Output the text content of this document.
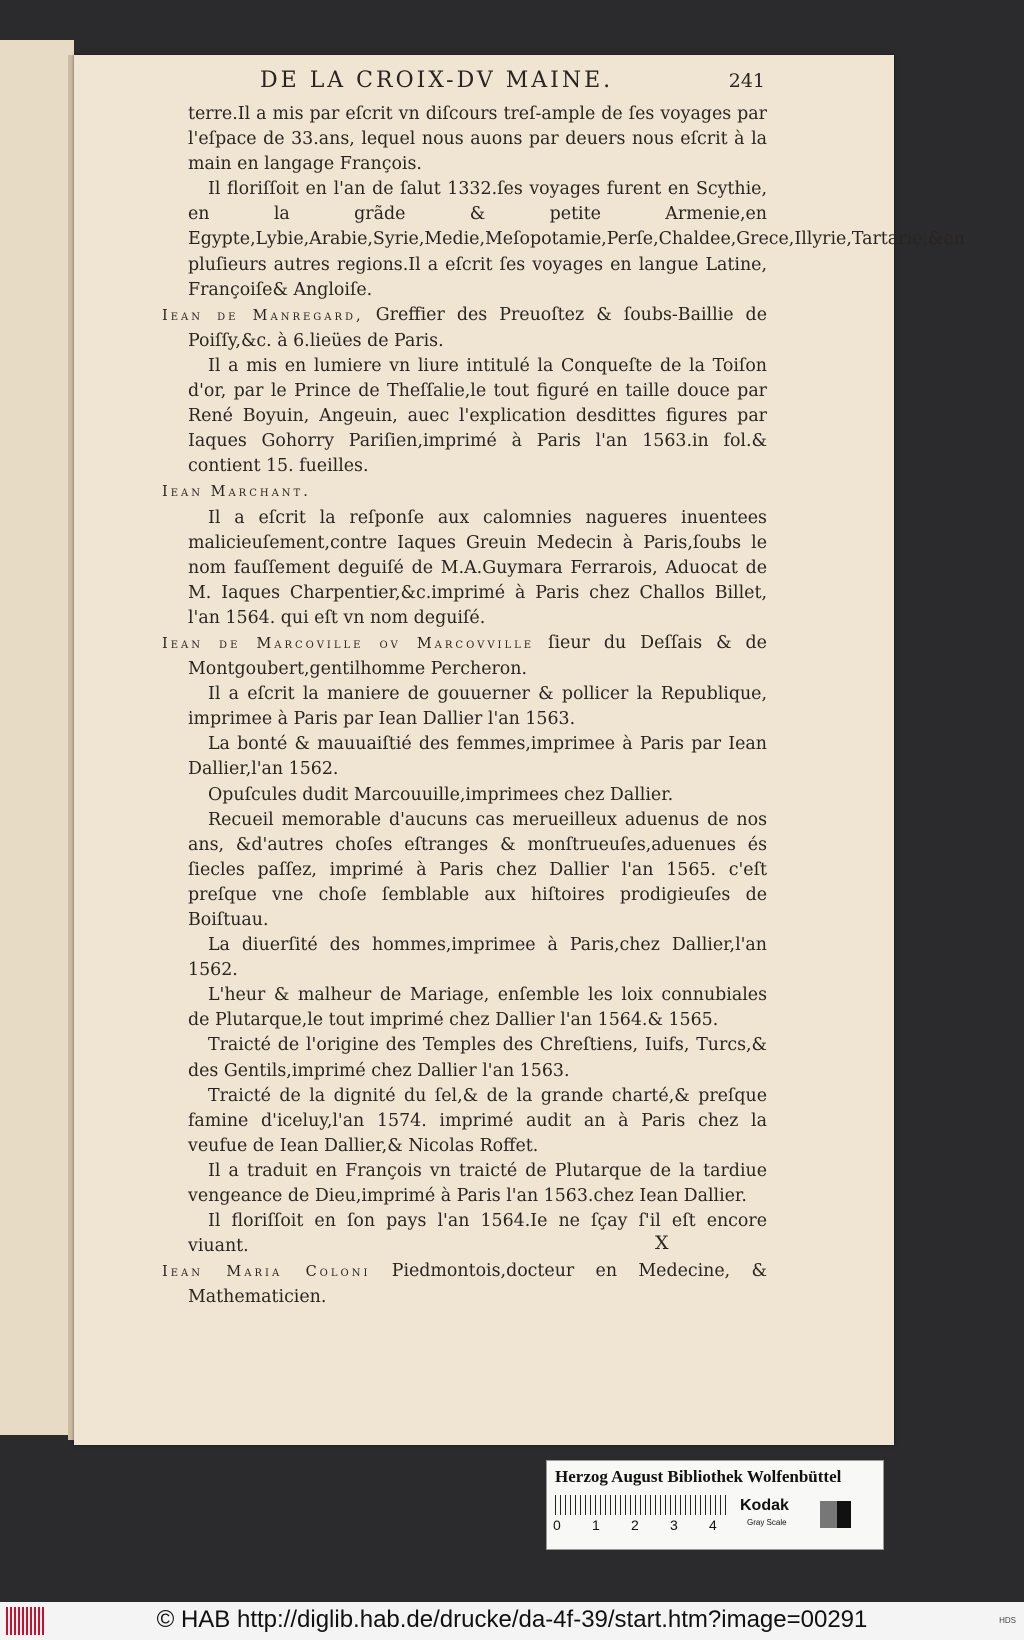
DE LA CROIX-DV MAINE.	241
terre.Il a mis par eſcrit vn diſcours treſ-ample de ſes voyages par l'eſpace de 33.ans, lequel nous auons par deuers nous eſcrit à la main en langage François.
Il floriſſoit en l'an de ſalut 1332.ſes voyages furent en Scythie, en la grãde & petite Armenie,en Egypte,Lybie,Arabie,Syrie,Medie,Meſopotamie,Perſe,Chaldee,Grece,Illyrie,Tartarie,&en pluſieurs autres regions.Il a eſcrit ſes voyages en langue Latine, Françoiſe& Angloiſe.
Iean de Manregard, Greffier des Preuoſtez & ſoubs-Baillie de Poiſſy,&c. à 6.lieües de Paris.
Il a mis en lumiere vn liure intitulé la Conqueſte de la Toiſon d'or, par le Prince de Theſſalie,le tout figuré en taille douce par René Boyuin, Angeuin, auec l'explication desdittes figures par Iaques Gohorry Pariſien,imprimé à Paris l'an 1563.in fol.& contient 15. fueilles.
Iean Marchant.
Il a eſcrit la reſponſe aux calomnies nagueres inuentees malicieuſement,contre Iaques Greuin Medecin à Paris,ſoubs le nom fauſſement deguiſé de M.A.Guymara Ferrarois, Aduocat de M. Iaques Charpentier,&c.imprimé à Paris chez Challos Billet, l'an 1564. qui eſt vn nom deguiſé.
Iean de Marcoville ov Marcovville ſieur du Deſſais & de Montgoubert,gentilhomme Percheron.
Il a eſcrit la maniere de gouuerner & pollicer la Republique, imprimee à Paris par Iean Dallier l'an 1563.
La bonté & mauuaiſtié des femmes,imprimee à Paris par Iean Dallier,l'an 1562.
Opuſcules dudit Marcouuille,imprimees chez Dallier.
Recueil memorable d'aucuns cas merueilleux aduenus de nos ans, &d'autres choſes eſtranges & monſtrueuſes,aduenues és ſiecles paſſez, imprimé à Paris chez Dallier l'an 1565. c'eſt preſque vne choſe ſemblable aux hiſtoires prodigieuſes de Boiſtuau.
La diuerſité des hommes,imprimee à Paris,chez Dallier,l'an 1562.
L'heur & malheur de Mariage, enſemble les loix connubiales de Plutarque,le tout imprimé chez Dallier l'an 1564.& 1565.
Traicté de l'origine des Temples des Chreſtiens, Iuifs, Turcs,& des Gentils,imprimé chez Dallier l'an 1563.
Traicté de la dignité du ſel,& de la grande charté,& preſque famine d'iceluy,l'an 1574. imprimé audit an à Paris chez la veufue de Iean Dallier,& Nicolas Roffet.
Il a traduit en François vn traicté de Plutarque de la tardiue vengeance de Dieu,imprimé à Paris l'an 1563.chez Iean Dallier.
Il floriſſoit en ſon pays l'an 1564.Ie ne ſçay ſ'il eſt encore viuant.
Iean Maria Coloni Piedmontois,docteur en Medecine, & Mathematicien.
X
Herzog August Bibliothek Wolfenbüttel
0 1 2 3 4
Kodak
Gray Scale
© HAB http://diglib.hab.de/drucke/da-4f-39/start.htm?image=00291	HDS
